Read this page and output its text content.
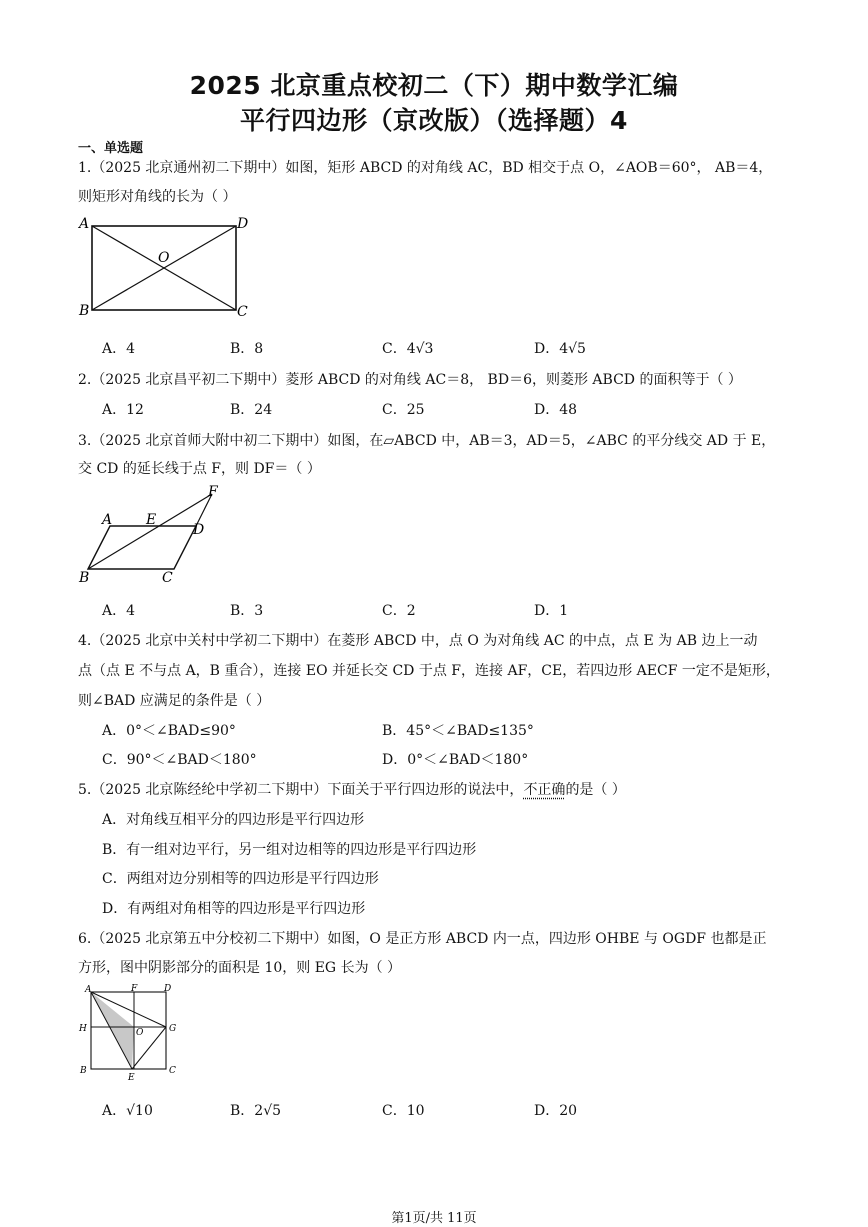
2025 北京重点校初二（下）期中数学汇编
平行四边形（京改版）（选择题）4
一、单选题
1.（2025 北京通州初二下期中）如图，矩形 ABCD 的对角线 AC，BD 相交于点 O，∠AOB＝60°， AB＝4，
则矩形对角线的长为（ ）
A	D
B	C
O
A．4	B．8	C．4√3	D．4√5
2.（2025 北京昌平初二下期中）菱形 ABCD 的对角线 AC＝8， BD＝6，则菱形 ABCD 的面积等于（ ）
A．12	B．24	C．25	D．48
3.（2025 北京首师大附中初二下期中）如图，在▱ABCD 中，AB＝3，AD＝5，∠ABC 的平分线交 AD 于 E，
交 CD 的延长线于点 F，则 DF＝（ ）
A E
D
F
B	C
A．4	B．3	C．2	D．1
4.（2025 北京中关村中学初二下期中）在菱形 ABCD 中，点 O 为对角线 AC 的中点，点 E 为 AB 边上一动
点（点 E 不与点 A，B 重合），连接 EO 并延长交 CD 于点 F，连接 AF，CE，若四边形 AECF 一定不是矩形，
则∠BAD 应满足的条件是（ ）
A．0°＜∠BAD≤90°	B．45°＜∠BAD≤135°
C．90°＜∠BAD＜180°	D．0°＜∠BAD＜180°
5.（2025 北京陈经纶中学初二下期中）下面关于平行四边形的说法中，不正确的是（ ）
A．对角线互相平分的四边形是平行四边形
B．有一组对边平行，另一组对边相等的四边形是平行四边形
C．两组对边分别相等的四边形是平行四边形
D．有两组对角相等的四边形是平行四边形
6.（2025 北京第五中分校初二下期中）如图，O 是正方形 ABCD 内一点，四边形 OHBE 与 OGDF 也都是正
方形，图中阴影部分的面积是 10，则 EG 长为（ ）
A	F	D
H	O	G
B
E
C
A．√10	B．2√5	C．10	D．20
第1页/共 11页
